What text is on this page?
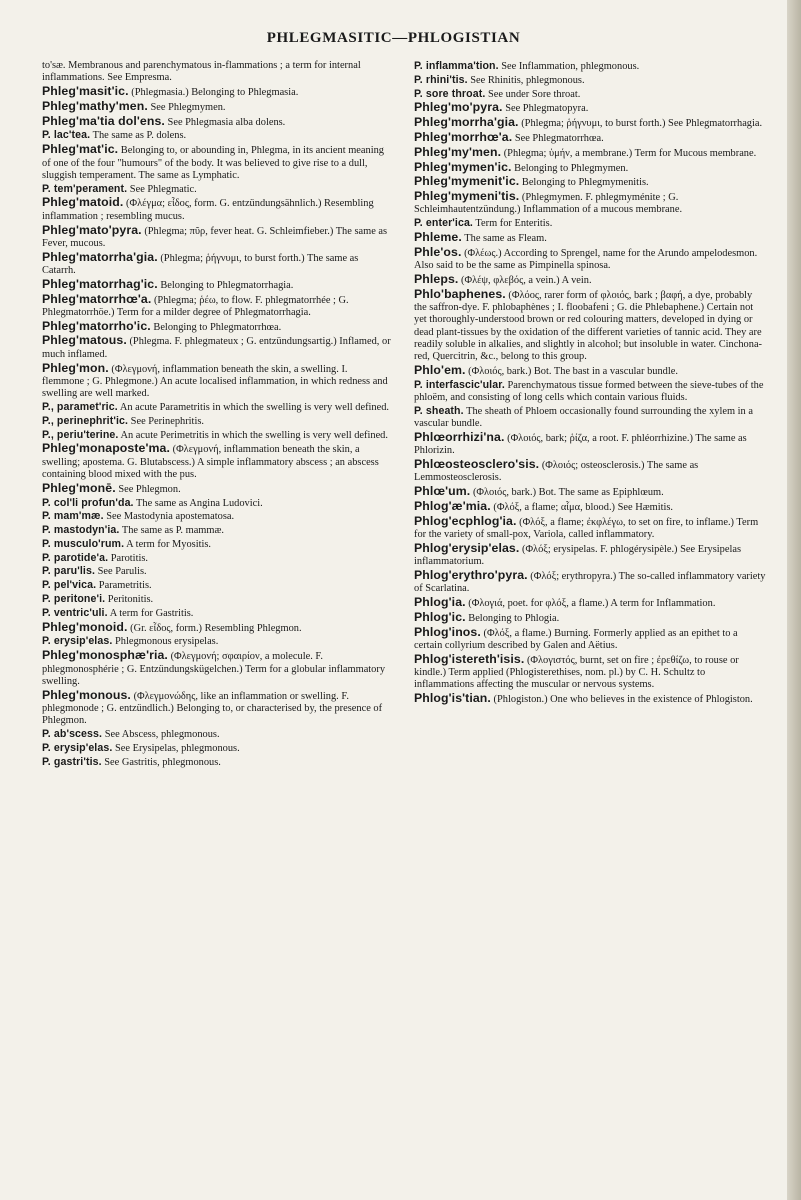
PHLEGMASITIC—PHLOGISTIAN
to'sæ. Membranous and parenchymatous in-flammations ; a term for internal inflammations. See Empresma.
Phleg'masit'ic. (Phlegmasia.) Belonging to Phlegmasia.
Phleg'mathy'men. See Phlegmymen.
Phleg'ma'tia dol'ens. See Phlegmasia alba dolens.
P. lac'tea. The same as P. dolens.
Phleg'mat'ic. Belonging to, or abounding in, Phlegma, in its ancient meaning of one of the four "humours" of the body. It was believed to give rise to a dull, sluggish temperament. The same as Lymphatic.
P. tem'perament. See Phlegmatic.
Phleg'matoid. (Φλέγμα; εἶδος, form. G. entzündungsähnlich.) Resembling inflammation ; resembling mucus.
Phleg'mato'pyra. (Phlegma; πῦρ, fever heat. G. Schleimfieber.) The same as Fever, mucous.
Phleg'matorrha'gia. (Phlegma; ῥήγνυμι, to burst forth.) The same as Catarrh.
Phleg'matorrhag'ic. Belonging to Phlegmatorrhagia.
Phleg'matorrhœ'a. (Phlegma; ῥέω, to flow. F. phlegmatorrhée ; G. Phlegmatorrhöe.) Term for a milder degree of Phlegmatorrhagia.
Phleg'matorrho'ic. Belonging to Phlegmatorrhœa.
Phleg'matous. (Phlegma. F. phlegmateux ; G. entzündungsartig.) Inflamed, or much inflamed.
Phleg'mon. (Φλεγμονή, inflammation beneath the skin, a swelling. I. flemmone ; G. Phlegmone.) An acute localised inflammation, in which redness and swelling are well marked.
P., paramet'ric. An acute Parametritis in which the swelling is very well defined.
P., perinephrit'ic. See Perinephritis.
P., periu'terine. An acute Perimetritis in which the swelling is very well defined.
Phleg'monaposte'ma. (Φλεγμονή, inflammation beneath the skin, a swelling; apostema. G. Blutabscess.) A simple inflammatory abscess ; an abscess containing blood mixed with the pus.
Phleg'monē. See Phlegmon.
P. col'li profun'da. The same as Angina Ludovici.
P. mam'mæ. See Mastodynia apostematosa.
P. mastodyn'ia. The same as P. mammæ.
P. musculo'rum. A term for Myositis.
P. parotide'a. Parotitis.
P. paru'lis. See Parulis.
P. pel'vica. Parametritis.
P. peritone'i. Peritonitis.
P. ventric'uli. A term for Gastritis.
Phleg'monoid. (Gr. εἶδος, form.) Resembling Phlegmon.
P. erysip'elas. Phlegmonous erysipelas.
Phleg'monosphæ'ria. (Φλεγμονή; σφαιρίον, a molecule. F. phlegmonosphérie ; G. Entzündungskügelchen.) Term for a globular inflammatory swelling.
Phleg'monous. (Φλεγμονώδης, like an inflammation or swelling. F. phlegmonode ; G. entzündlich.) Belonging to, or characterised by, the presence of Phlegmon.
P. ab'scess. See Abscess, phlegmonous.
P. erysip'elas. See Erysipelas, phlegmonous.
P. gastri'tis. See Gastritis, phlegmonous.
P. inflamma'tion. See Inflammation, phlegmonous.
P. rhini'tis. See Rhinitis, phlegmonous.
P. sore throat. See under Sore throat.
Phleg'mo'pyra. See Phlegmatopyra.
Phleg'morrha'gia. (Phlegma; ῥήγνυμι, to burst forth.) See Phlegmatorrhagia.
Phleg'morrhœ'a. See Phlegmatorrhœa.
Phleg'my'men. (Phlegma; ὑμήν, a membrane.) Term for Mucous membrane.
Phleg'mymen'ic. Belonging to Phlegmymen.
Phleg'mymenit'ic. Belonging to Phlegmymenitis.
Phleg'mymeni'tis. (Phlegmymen. F. phlegmyménite ; G. Schleimhautentzündung.) Inflammation of a mucous membrane.
P. enter'ica. Term for Enteritis.
Phleme. The same as Fleam.
Phle'os. (Φλέως.) According to Sprengel, name for the Arundo ampelodesmon. Also said to be the same as Pimpinella spinosa.
Phleps. (Φλέψ, φλεβός, a vein.) A vein.
Phlo'baphenes. (Φλόος, rarer form of φλοιός, bark ; βαφή, a dye, probably the saffron-dye. F. phlobaphènes ; I. floobafeni ; G. die Phlebaphene.) Certain not yet thoroughly-understood brown or red colouring matters, developed in dying or dead plant-tissues by the oxidation of the different varieties of tannic acid. They are readily soluble in alkalies, and slightly in alcohol; but insoluble in water. Cinchona-red, Quercitrin, &c., belong to this group.
Phlo'em. (Φλοιός, bark.) Bot. The bast in a vascular bundle.
P. interfascic'ular. Parenchymatous tissue formed between the sieve-tubes of the phloëm, and consisting of long cells which contain various fluids.
P. sheath. The sheath of Phloem occasionally found surrounding the xylem in a vascular bundle.
Phlœorrhizi'na. (Φλοιός, bark; ῥίζα, a root. F. phléorrhizine.) The same as Phlorizin.
Phlœosteosclero'sis. (Φλοιός; osteosclerosis.) The same as Lemmosteosclerosis.
Phlœ'um. (Φλοιός, bark.) Bot. The same as Epiphlœum.
Phlog'æ'mia. (Φλόξ, a flame; αἷμα, blood.) See Hæmitis.
Phlog'ecphlog'ia. (Φλόξ, a flame; ἐκφλέγω, to set on fire, to inflame.) Term for the variety of small-pox, Variola, called inflammatory.
Phlog'erysip'elas. (Φλόξ; erysipelas. F. phlogérysipèle.) See Erysipelas inflammatorium.
Phlog'erythro'pyra. (Φλόξ; erythropyra.) The so-called inflammatory variety of Scarlatina.
Phlog'ia. (Φλογιά, poet. for φλόξ, a flame.) A term for Inflammation.
Phlog'ic. Belonging to Phlogia.
Phlog'inos. (Φλόξ, a flame.) Burning. Formerly applied as an epithet to a certain collyrium described by Galen and Aëtius.
Phlog'istereth'isis. (Φλογιστός, burnt, set on fire ; ἐρεθίζω, to rouse or kindle.) Term applied (Phlogisterethises, nom. pl.) by C. H. Schultz to inflammations affecting the muscular or nervous systems.
Phlog'is'tian. (Phlogiston.) One who believes in the existence of Phlogiston.
